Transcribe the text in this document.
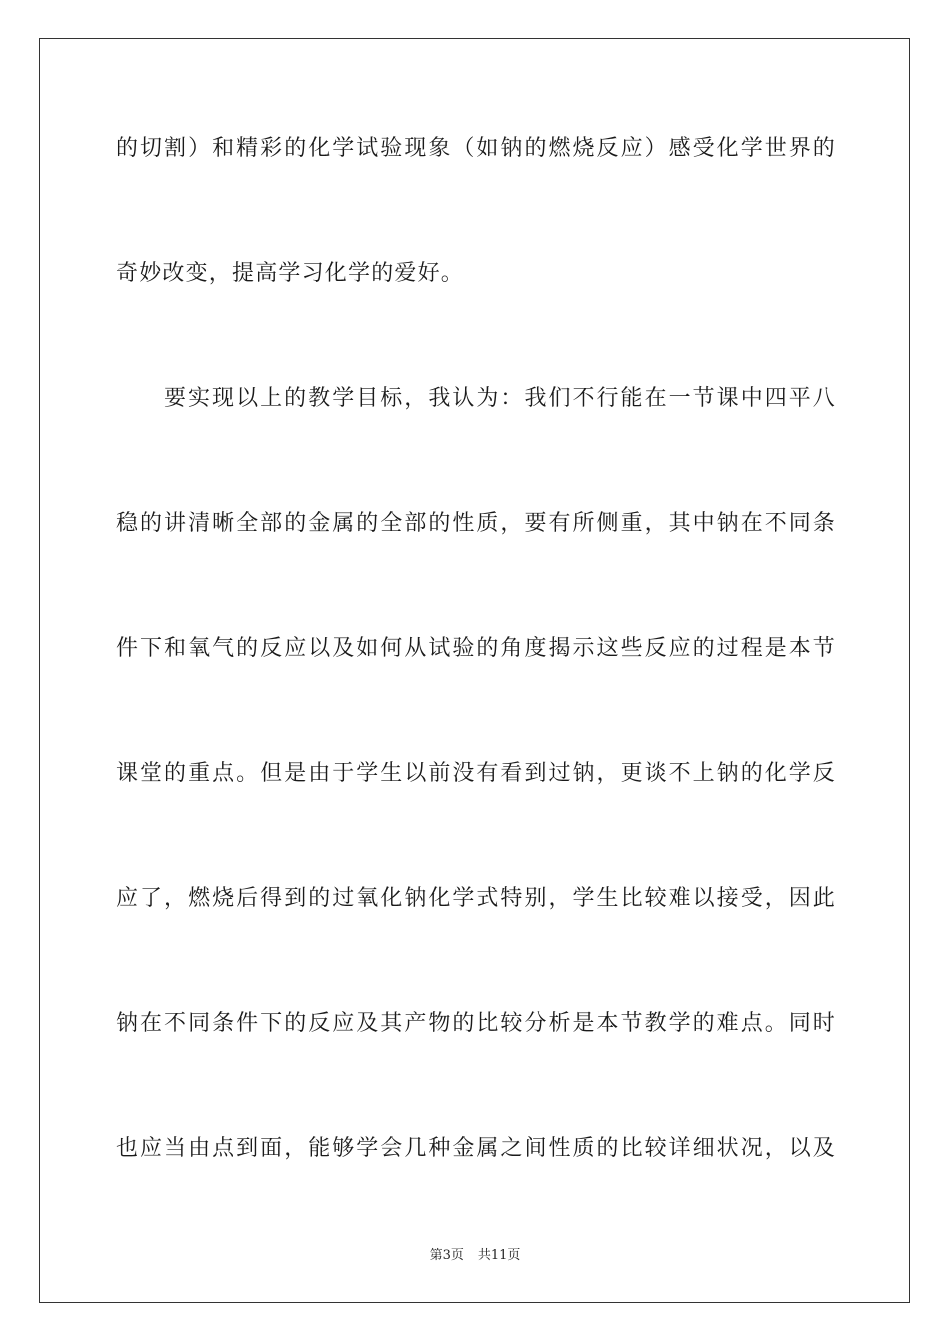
的切割）和精彩的化学试验现象（如钠的燃烧反应）感受化学世界的
奇妙改变，提高学习化学的爱好。
要实现以上的教学目标，我认为：我们不行能在一节课中四平八
稳的讲清晰全部的金属的全部的性质，要有所侧重，其中钠在不同条
件下和氧气的反应以及如何从试验的角度揭示这些反应的过程是本节
课堂的重点。但是由于学生以前没有看到过钠，更谈不上钠的化学反
应了，燃烧后得到的过氧化钠化学式特别，学生比较难以接受，因此
钠在不同条件下的反应及其产物的比较分析是本节教学的难点。同时
也应当由点到面，能够学会几种金属之间性质的比较详细状况，以及
第3页 共11页
